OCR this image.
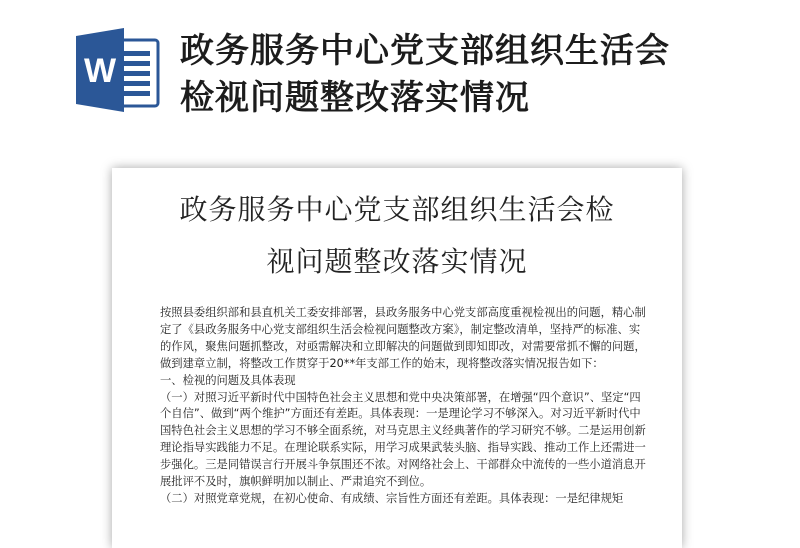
W 政务服务中心党支部组织生活会
检视问题整改落实情况
政务服务中心党支部组织生活会检
视问题整改落实情况

按照县委组织部和县直机关工委安排部署，县政务服务中心党支部高度重视检视出的问题，精心制定了《县政务服务中心党支部组织生活会检视问题整改方案》，制定整改清单，坚持严的标准、实的作风，聚焦问题抓整改，对亟需解决和立即解决的问题做到即知即改，对需要常抓不懈的问题，做到建章立制，将整改工作贯穿于20**年支部工作的始末，现将整改落实情况报告如下：

一、检视的问题及具体表现

（一）对照习近平新时代中国特色社会主义思想和党中央决策部署，在增强“四个意识”、坚定“四个自信”、做到“两个维护”方面还有差距。具体表现：一是理论学习不够深入。对习近平新时代中国特色社会主义思想的学习不够全面系统，对马克思主义经典著作的学习研究不够。二是运用创新理论指导实践能力不足。在理论联系实际，用学习成果武装头脑、指导实践、推动工作上还需进一步强化。三是同错误言行开展斗争氛围还不浓。对网络社会上、干部群众中流传的一些小道消息开展批评不及时，旗帜鲜明加以制止、严肃追究不到位。

（二）对照党章党规，在初心使命、有成绩、宗旨性方面还有差距。具体表现：一是纪律规矩
